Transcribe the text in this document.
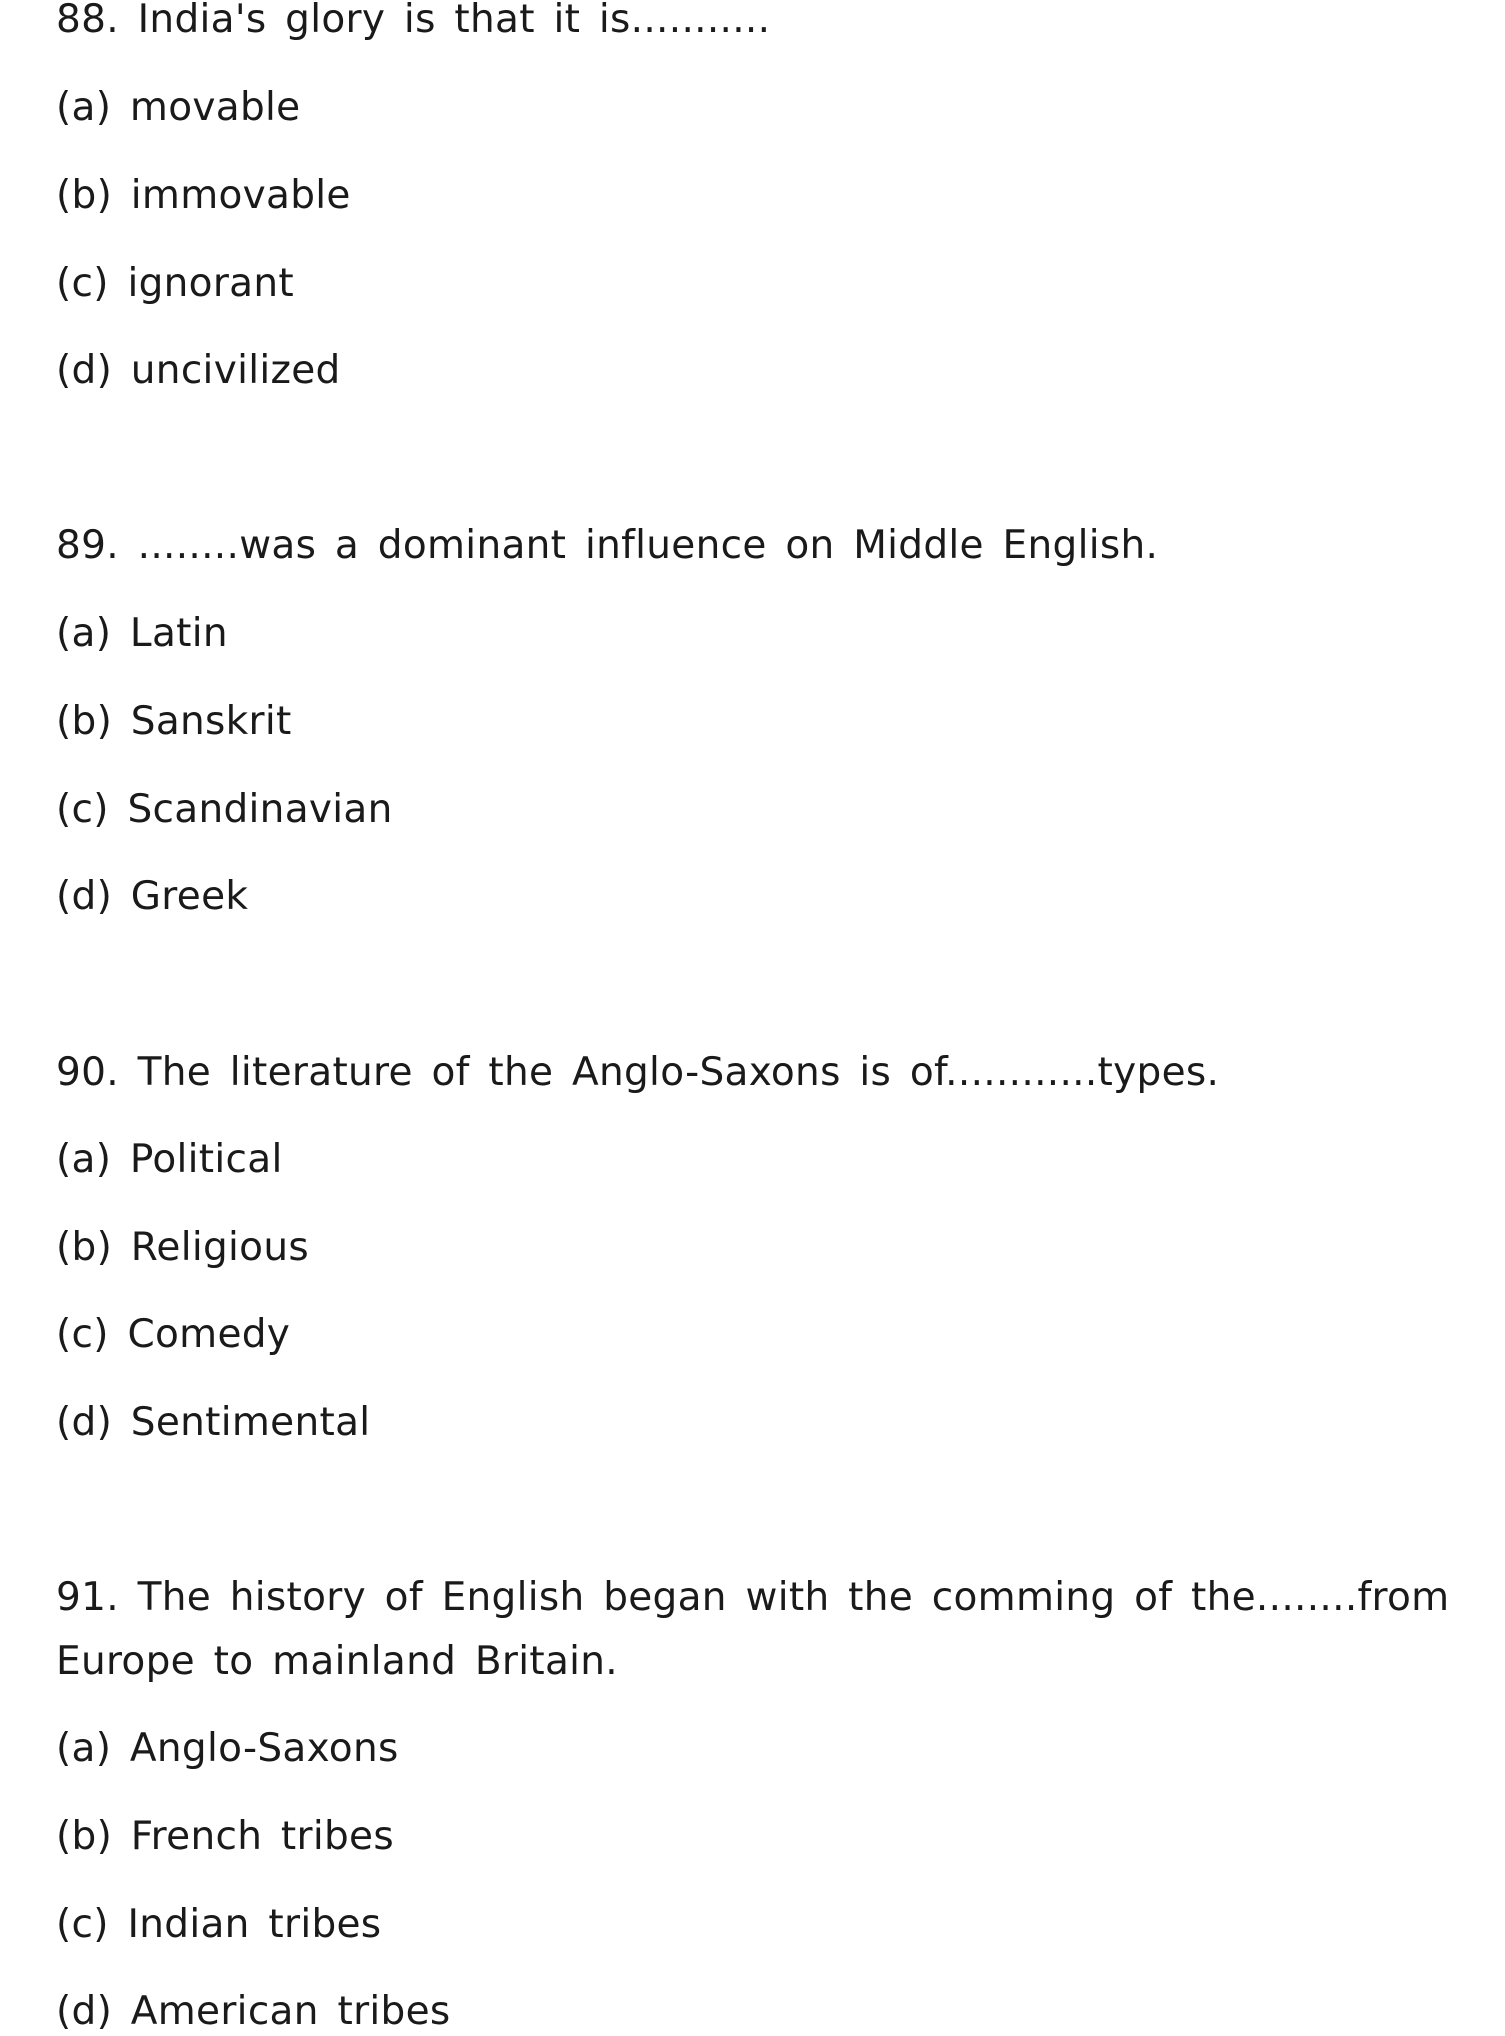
88. India's glory is that it is...........
(a) movable
(b) immovable
(c) ignorant
(d) uncivilized
89. ........was a dominant influence on Middle English.
(a) Latin
(b) Sanskrit
(c) Scandinavian
(d) Greek
90. The literature of the Anglo-Saxons is of............types.
(a) Political
(b) Religious
(c) Comedy
(d) Sentimental
91. The history of English began with the comming of the........from
Europe to mainland Britain.
(a) Anglo-Saxons
(b) French tribes
(c) Indian tribes
(d) American tribes
